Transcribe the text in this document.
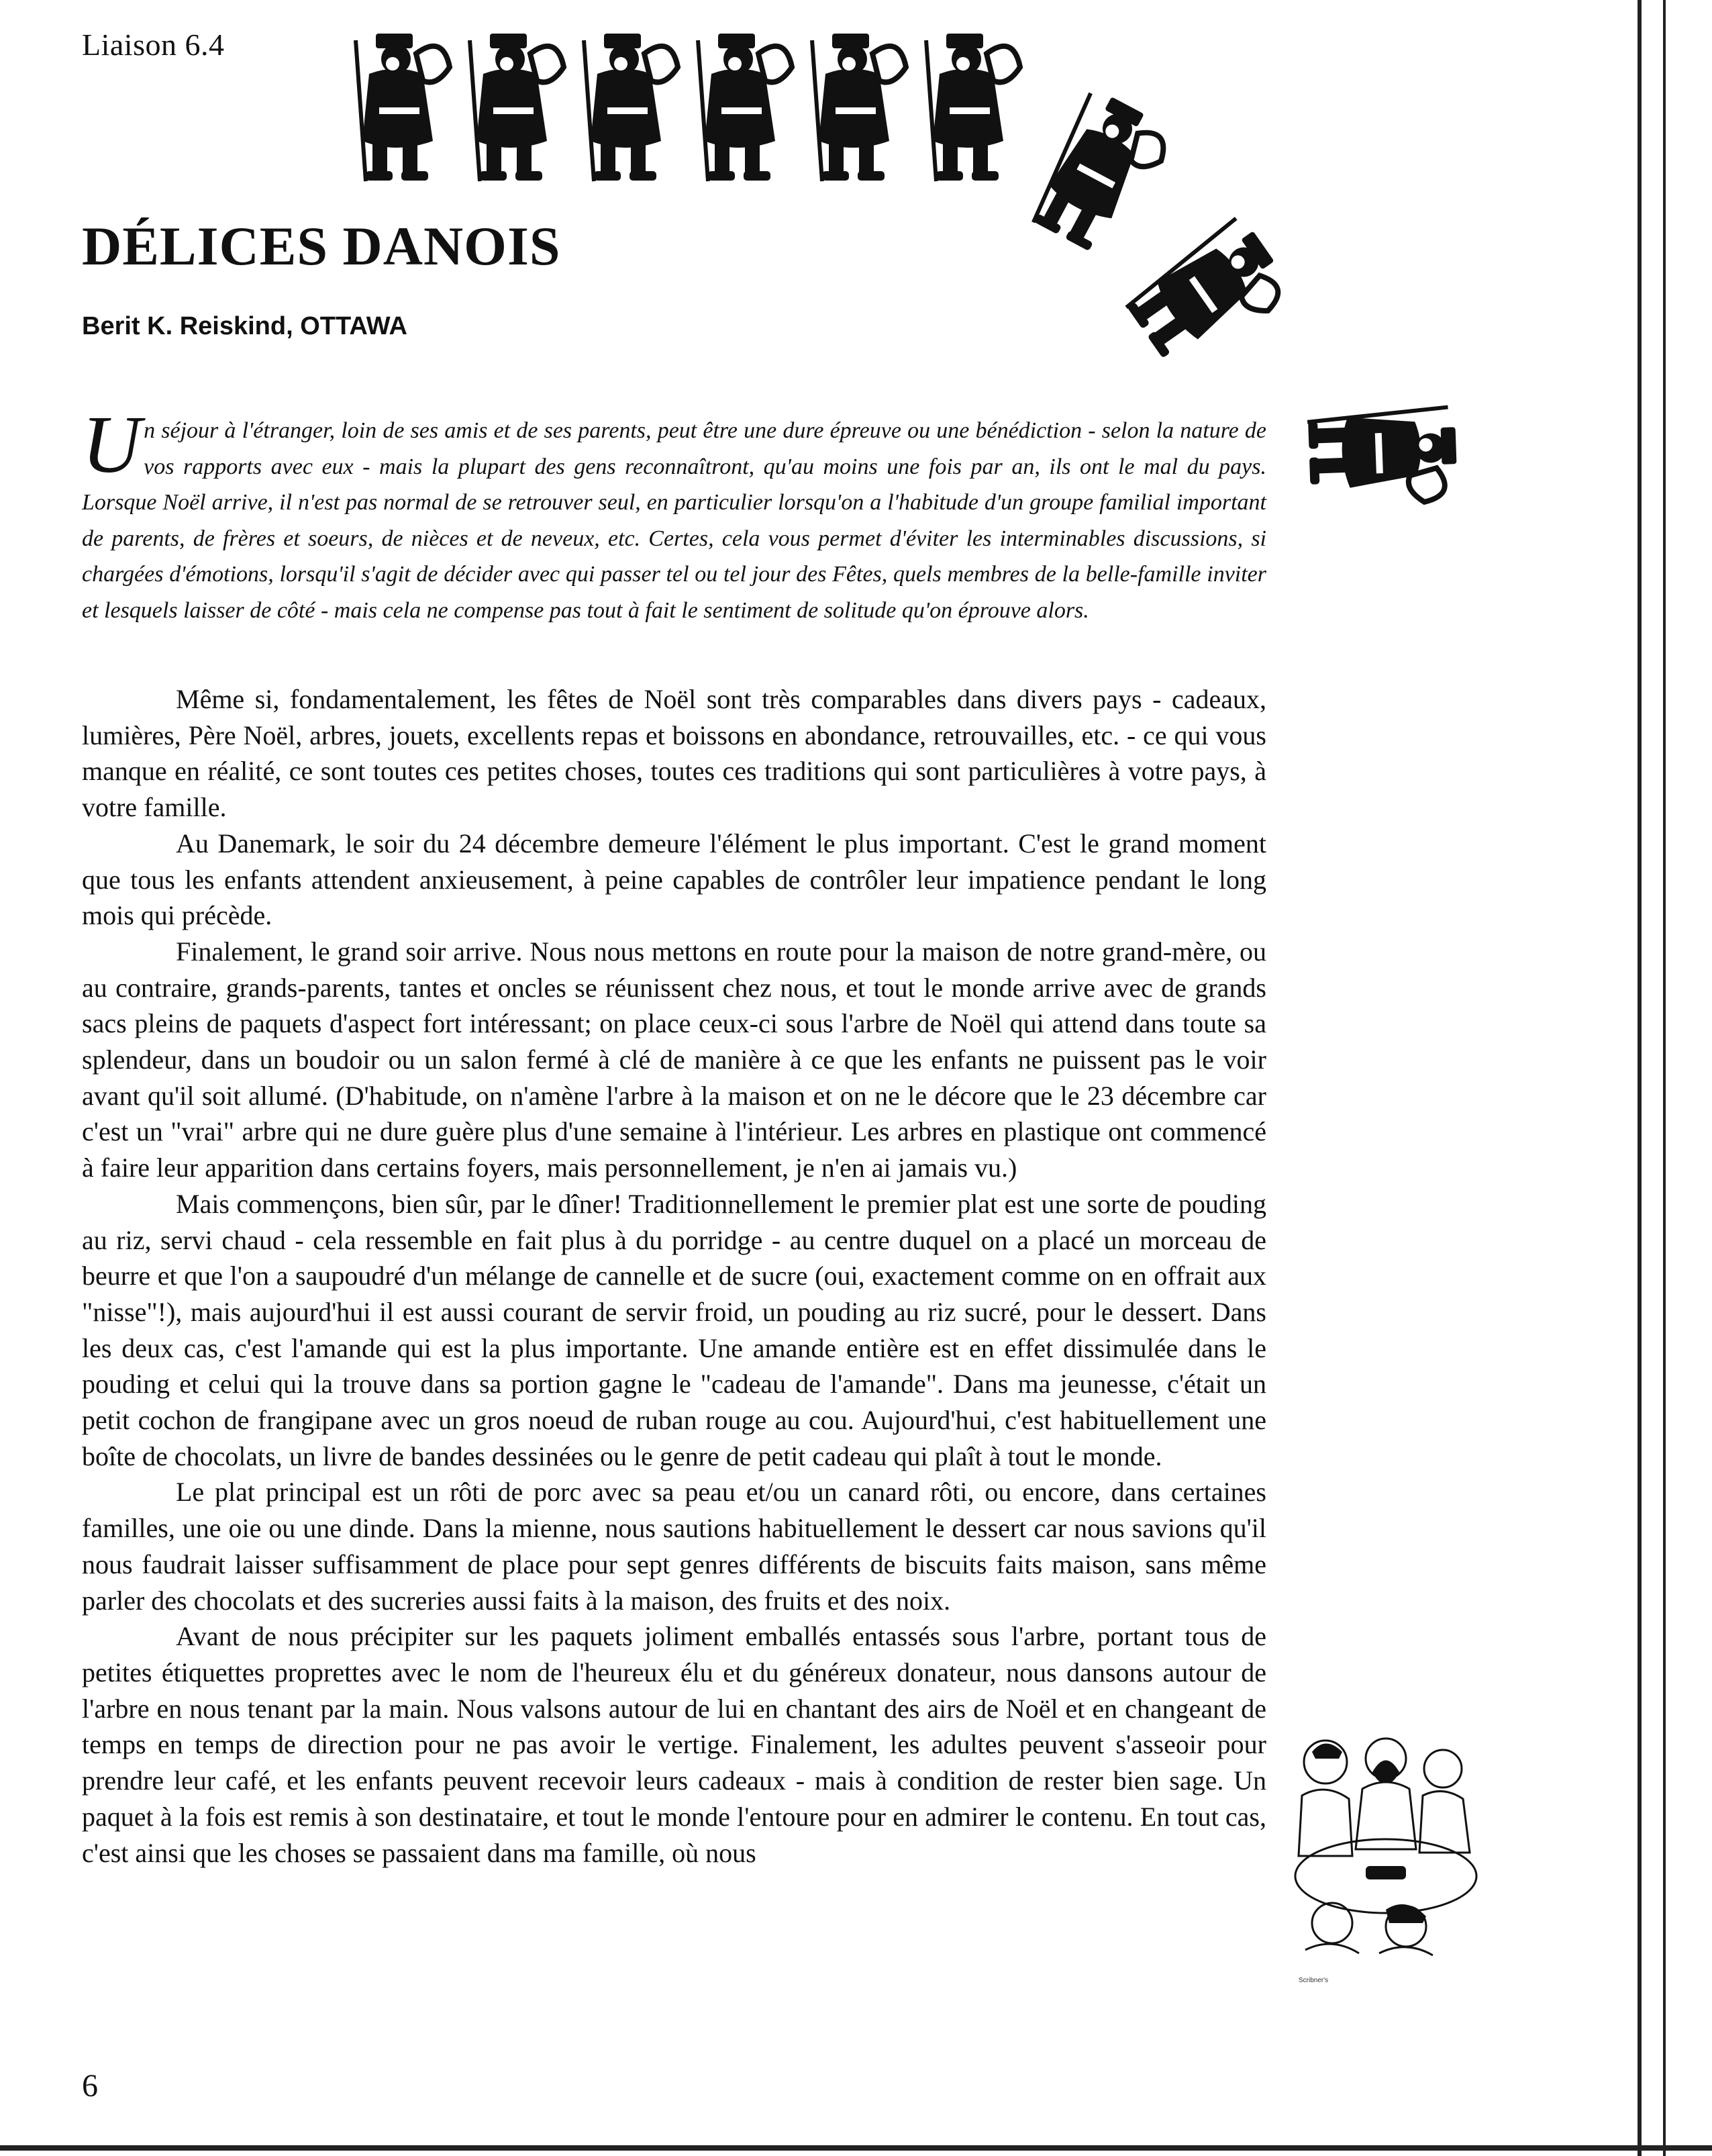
Liaison 6.4
DÉLICES DANOIS
Berit K. Reiskind, OTTAWA
Un séjour à l'étranger, loin de ses amis et de ses parents, peut être une dure épreuve ou une bénédiction - selon la nature de vos rapports avec eux - mais la plupart des gens reconnaîtront, qu'au moins une fois par an, ils ont le mal du pays. Lorsque Noël arrive, il n'est pas normal de se retrouver seul, en particulier lorsqu'on a l'habitude d'un groupe familial important de parents, de frères et soeurs, de nièces et de neveux, etc. Certes, cela vous permet d'éviter les interminables discussions, si chargées d'émotions, lorsqu'il s'agit de décider avec qui passer tel ou tel jour des Fêtes, quels membres de la belle-famille inviter et lesquels laisser de côté - mais cela ne compense pas tout à fait le sentiment de solitude qu'on éprouve alors.

Même si, fondamentalement, les fêtes de Noël sont très comparables dans divers pays - cadeaux, lumières, Père Noël, arbres, jouets, excellents repas et boissons en abondance, retrouvailles, etc. - ce qui vous manque en réalité, ce sont toutes ces petites choses, toutes ces traditions qui sont particulières à votre pays, à votre famille.

Au Danemark, le soir du 24 décembre demeure l'élément le plus important. C'est le grand moment que tous les enfants attendent anxieusement, à peine capables de contrôler leur impatience pendant le long mois qui précède.

Finalement, le grand soir arrive. Nous nous mettons en route pour la maison de notre grand-mère, ou au contraire, grands-parents, tantes et oncles se réunissent chez nous, et tout le monde arrive avec de grands sacs pleins de paquets d'aspect fort intéressant; on place ceux-ci sous l'arbre de Noël qui attend dans toute sa splendeur, dans un boudoir ou un salon fermé à clé de manière à ce que les enfants ne puissent pas le voir avant qu'il soit allumé. (D'habitude, on n'amène l'arbre à la maison et on ne le décore que le 23 décembre car c'est un "vrai" arbre qui ne dure guère plus d'une semaine à l'intérieur. Les arbres en plastique ont commencé à faire leur apparition dans certains foyers, mais personnellement, je n'en ai jamais vu.)

Mais commençons, bien sûr, par le dîner! Traditionnellement le premier plat est une sorte de pouding au riz, servi chaud - cela ressemble en fait plus à du porridge - au centre duquel on a placé un morceau de beurre et que l'on a saupoudré d'un mélange de cannelle et de sucre (oui, exactement comme on en offrait aux "nisse"!), mais aujourd'hui il est aussi courant de servir froid, un pouding au riz sucré, pour le dessert. Dans les deux cas, c'est l'amande qui est la plus importante. Une amande entière est en effet dissimulée dans le pouding et celui qui la trouve dans sa portion gagne le "cadeau de l'amande". Dans ma jeunesse, c'était un petit cochon de frangipane avec un gros noeud de ruban rouge au cou. Aujourd'hui, c'est habituellement une boîte de chocolats, un livre de bandes dessinées ou le genre de petit cadeau qui plaît à tout le monde.

Le plat principal est un rôti de porc avec sa peau et/ou un canard rôti, ou encore, dans certaines familles, une oie ou une dinde. Dans la mienne, nous sautions habituellement le dessert car nous savions qu'il nous faudrait laisser suffisamment de place pour sept genres différents de biscuits faits maison, sans même parler des chocolats et des sucreries aussi faits à la maison, des fruits et des noix.

Avant de nous précipiter sur les paquets joliment emballés entassés sous l'arbre, portant tous de petites étiquettes proprettes avec le nom de l'heureux élu et du généreux donateur, nous dansons autour de l'arbre en nous tenant par la main. Nous valsons autour de lui en chantant des airs de Noël et en changeant de temps en temps de direction pour ne pas avoir le vertige. Finalement, les adultes peuvent s'asseoir pour prendre leur café, et les enfants peuvent recevoir leurs cadeaux - mais à condition de rester bien sage. Un paquet à la fois est remis à son destinataire, et tout le monde l'entoure pour en admirer le contenu. En tout cas, c'est ainsi que les choses se passaient dans ma famille, où nous

Scribner's
6
